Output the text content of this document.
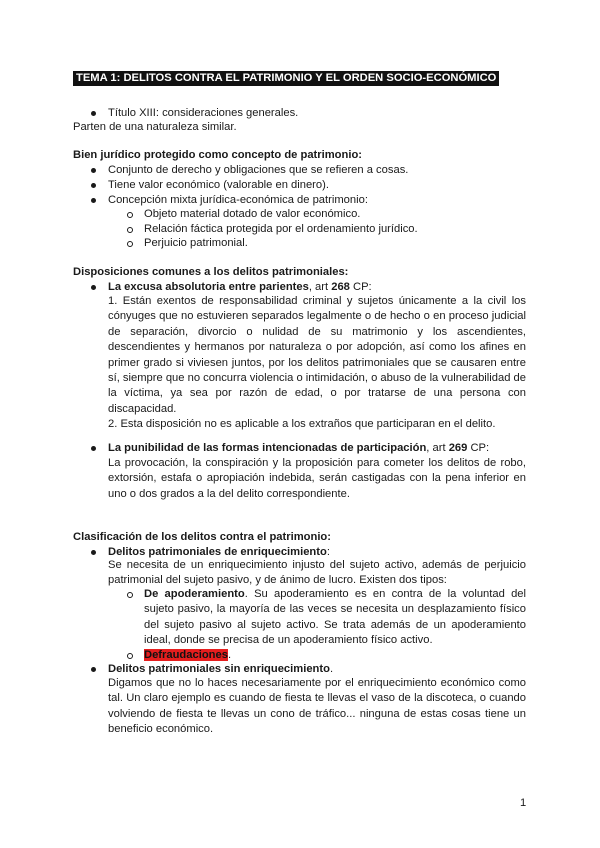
TEMA 1: DELITOS CONTRA EL PATRIMONIO Y EL ORDEN SOCIO-ECONÓMICO
Título XIII: consideraciones generales.
Parten de una naturaleza similar.
Bien jurídico protegido como concepto de patrimonio:
Conjunto de derecho y obligaciones que se refieren a cosas.
Tiene valor económico (valorable en dinero).
Concepción mixta jurídica-económica de patrimonio:
Objeto material dotado de valor económico.
Relación fáctica protegida por el ordenamiento jurídico.
Perjuicio patrimonial.
Disposiciones comunes a los delitos patrimoniales:
La excusa absolutoria entre parientes, art 268 CP:

1. Están exentos de responsabilidad criminal y sujetos únicamente a la civil los cónyuges que no estuvieren separados legalmente o de hecho o en proceso judicial de separación, divorcio o nulidad de su matrimonio y los ascendientes, descendientes y hermanos por naturaleza o por adopción, así como los afines en primer grado si viviesen juntos, por los delitos patrimoniales que se causaren entre sí, siempre que no concurra violencia o intimidación, o abuso de la vulnerabilidad de la víctima, ya sea por razón de edad, o por tratarse de una persona con discapacidad.

2. Esta disposición no es aplicable a los extraños que participaran en el delito.

La punibilidad de las formas intencionadas de participación, art 269 CP:

La provocación, la conspiración y la proposición para cometer los delitos de robo, extorsión, estafa o apropiación indebida, serán castigadas con la pena inferior en uno o dos grados a la del delito correspondiente.

Clasificación de los delitos contra el patrimonio:
Delitos patrimoniales de enriquecimiento:

Se necesita de un enriquecimiento injusto del sujeto activo, además de perjuicio patrimonial del sujeto pasivo, y de ánimo de lucro. Existen dos tipos:

De apoderamiento. Su apoderamiento es en contra de la voluntad del sujeto pasivo, la mayoría de las veces se necesita un desplazamiento físico del sujeto pasivo al sujeto activo. Se trata además de un apoderamiento ideal, donde se precisa de un apoderamiento físico activo.

Defraudaciones.
Delitos patrimoniales sin enriquecimiento.

Digamos que no lo haces necesariamente por el enriquecimiento económico como tal. Un claro ejemplo es cuando de fiesta te llevas el vaso de la discoteca, o cuando volviendo de fiesta te llevas un cono de tráfico... ninguna de estas cosas tiene un beneficio económico.

1
